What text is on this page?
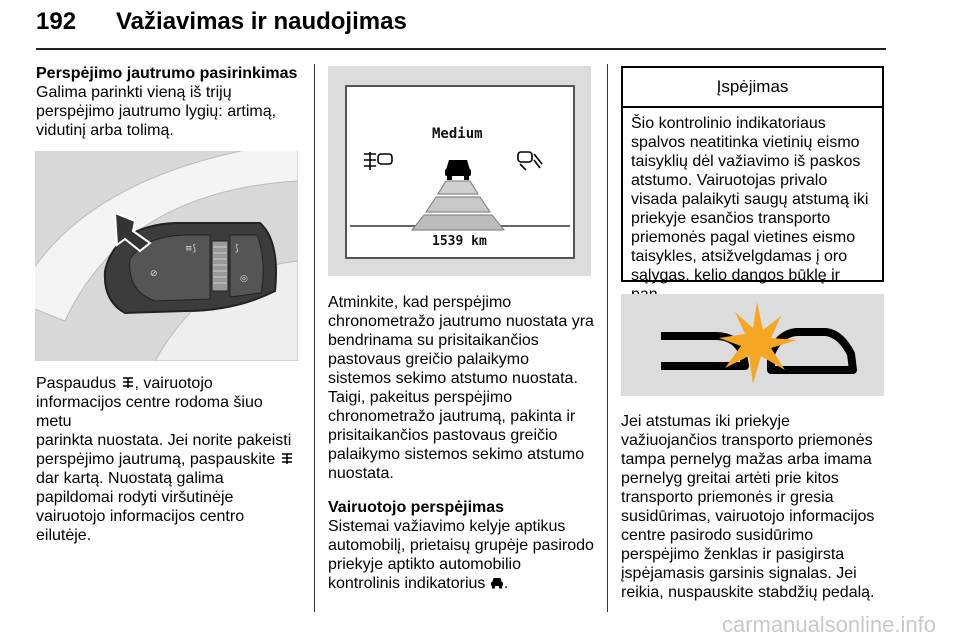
192 Važiavimas ir naudojimas

Perspėjimo jautrumo pasirinkimas

Galima parinkti vieną iš trijų

perspėjimo jautrumo lygių: artimą,

vidutinį arba tolimą.

≡⟆
⊘
⟆
◎

Paspaudus , vairuotojo

informacijos centre rodoma šiuo metu

parinkta nuostata. Jei norite pakeisti

perspėjimo jautrumą, paspauskite

dar kartą. Nuostatą galima

papildomai rodyti viršutinėje

vairuotojo informacijos centro

eilutėje.

Medium
1539 km

Atminkite, kad perspėjimo

chronometražo jautrumo nuostata yra

bendrinama su prisitaikančios

pastovaus greičio palaikymo

sistemos sekimo atstumo nuostata.

Taigi, pakeitus perspėjimo

chronometražo jautrumą, pakinta ir

prisitaikančios pastovaus greičio

palaikymo sistemos sekimo atstumo

nuostata.

Vairuotojo perspėjimas

Sistemai važiavimo kelyje aptikus

automobilį, prietaisų grupėje pasirodo

priekyje aptikto automobilio

kontrolinis indikatorius .

Įspėjimas
Šio kontrolinio indikatoriaus
spalvos neatitinka vietinių eismo
taisyklių dėl važiavimo iš paskos
atstumo. Vairuotojas privalo
visada palaikyti saugų atstumą iki
priekyje esančios transporto
priemonės pagal vietines eismo
taisykles, atsižvelgdamas į oro
sąlygas, kelio dangos būklę ir

Jei atstumas iki priekyje

važiuojančios transporto priemonės

tampa pernelyg mažas arba imama

pernelyg greitai artėti prie kitos

transporto priemonės ir gresia

susidūrimas, vairuotojo informacijos

centre pasirodo susidūrimo

perspėjimo ženklas ir pasigirsta

įspėjamasis garsinis signalas. Jei

reikia, nuspauskite stabdžių pedalą.

carmanualsonline.info
